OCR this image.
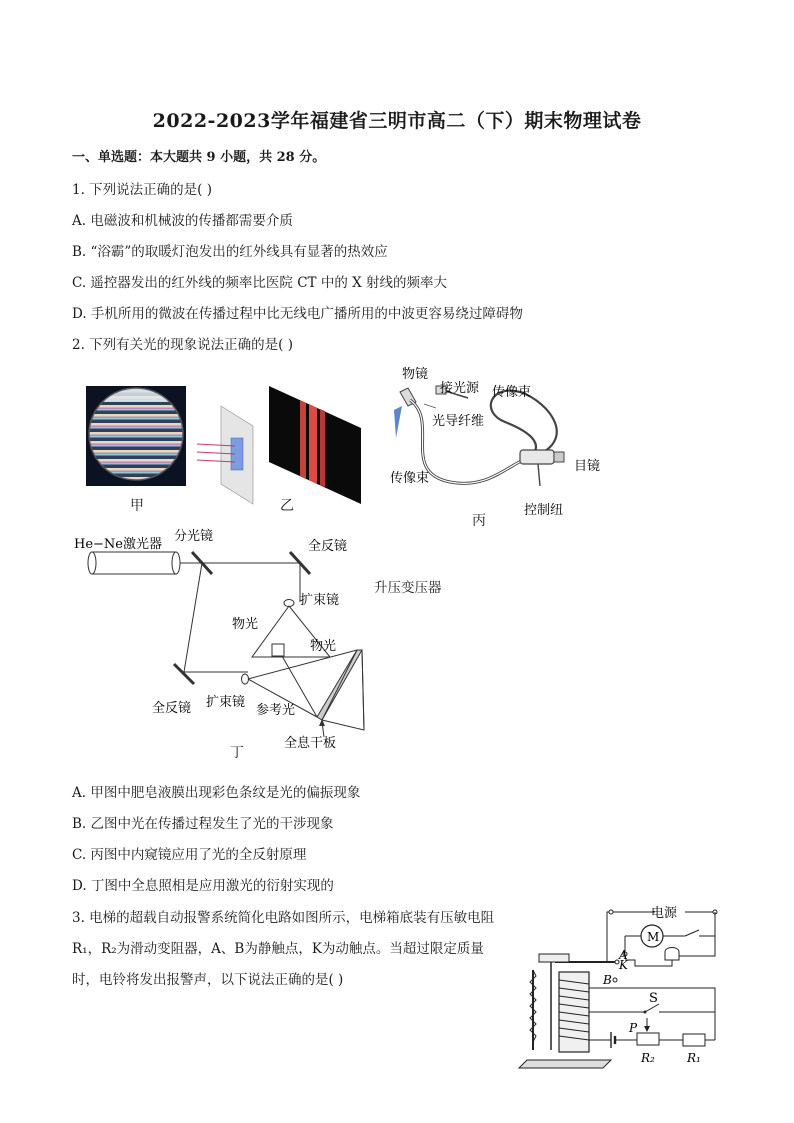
2022-2023学年福建省三明市高二（下）期末物理试卷
一、单选题：本大题共 9 小题，共 28 分。
1. 下列说法正确的是( )
A. 电磁波和机械波的传播都需要介质
B. “浴霸”的取暖灯泡发出的红外线具有显著的热效应
C. 遥控器发出的红外线的频率比医院 CT 中的 X 射线的频率大
D. 手机所用的微波在传播过程中比无线电广播所用的中波更容易绕过障碍物
2. 下列有关光的现象说法正确的是( )
甲	乙
物镜
接光源 传像束
光导纤维
传像束
目镜
控制纽
丙
He−Ne激光器
分光镜
全反镜
扩束镜
物光
物光
全反镜 扩束镜
参考光
全息干板
丁
升压变压器
A. 甲图中肥皂液膜出现彩色条纹是光的偏振现象
B. 乙图中光在传播过程发生了光的干涉现象
C. 丙图中内窥镜应用了光的全反射原理
D. 丁图中全息照相是应用激光的衍射实现的
3. 电梯的超载自动报警系统简化电路如图所示，电梯箱底装有压敏电阻
R₁，R₂为滑动变阻器，A、B为静触点，K为动触点。当超过限定质量
时，电铃将发出报警声，以下说法正确的是( )
电源
M
A
K
B
S
P
R₂	R₁
